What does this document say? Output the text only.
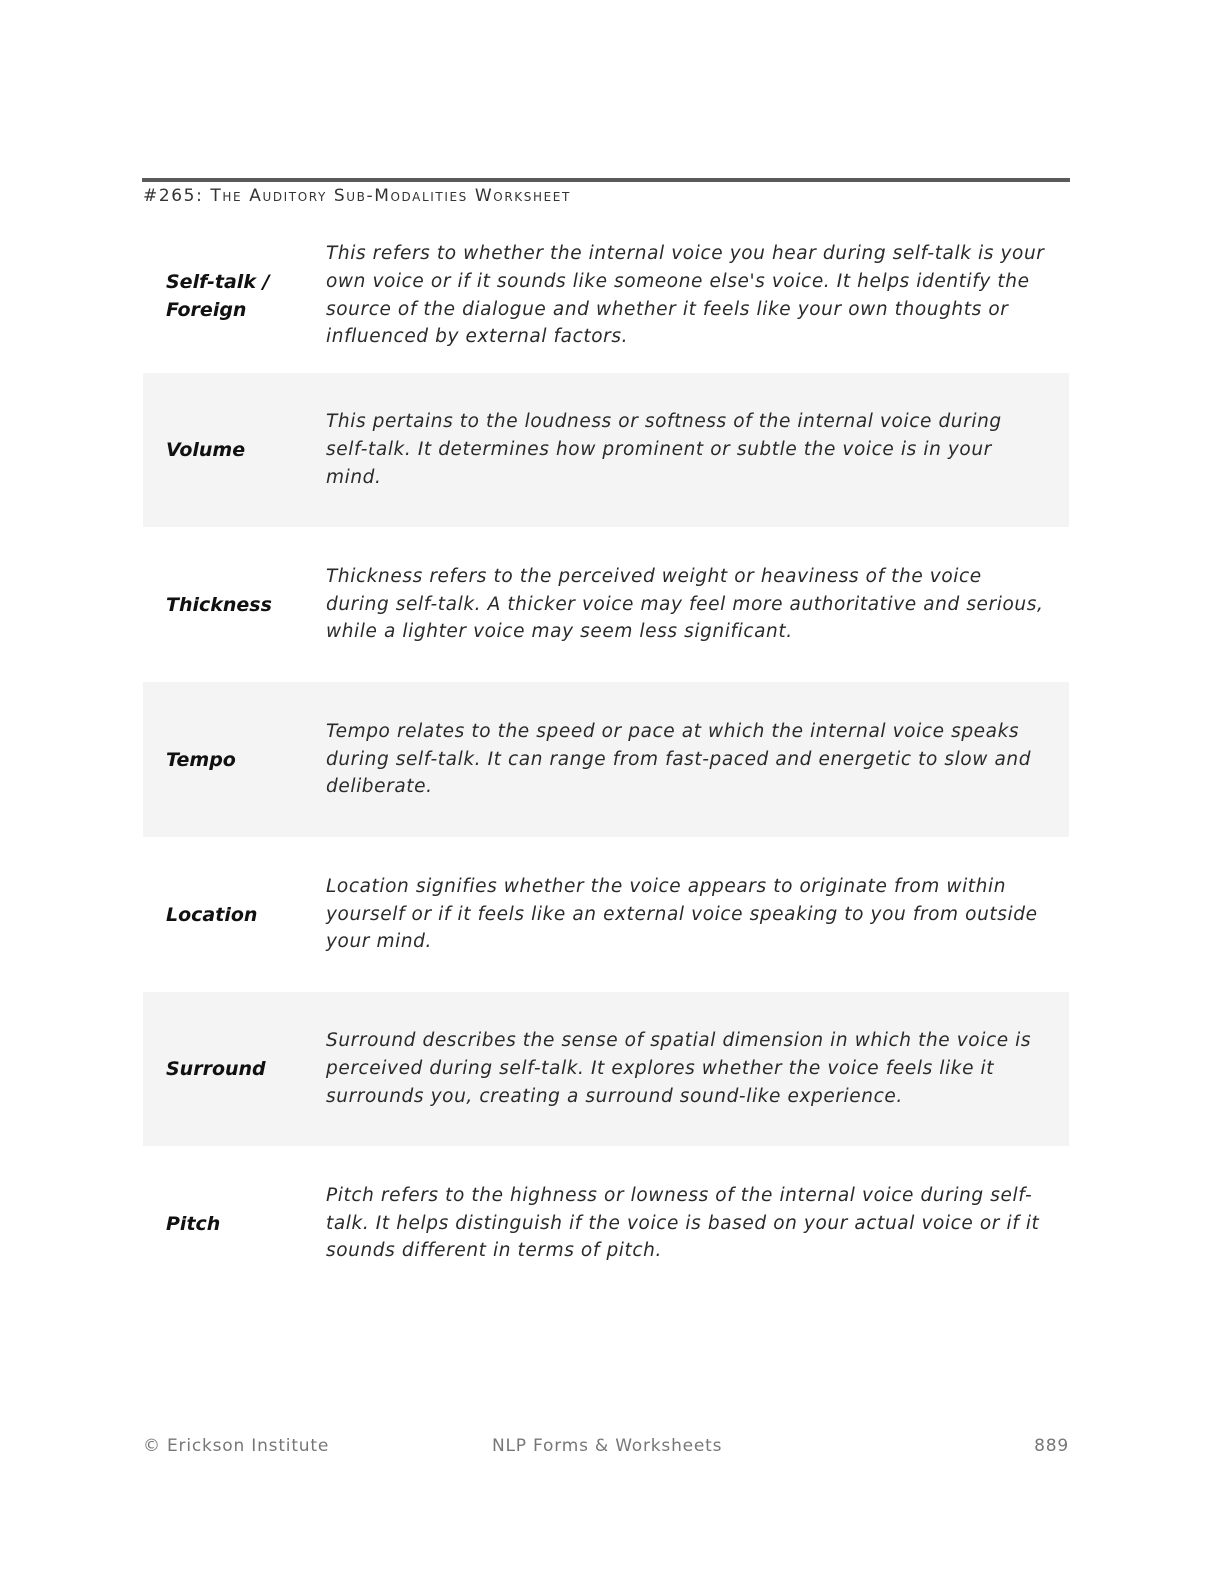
#265: The Auditory Sub-Modalities Worksheet
Self-talk / Foreign
This refers to whether the internal voice you hear during self-talk is your own voice or if it sounds like someone else's voice. It helps identify the source of the dialogue and whether it feels like your own thoughts or influenced by external factors.
Volume
This pertains to the loudness or softness of the internal voice during self-talk. It determines how prominent or subtle the voice is in your mind.
Thickness
Thickness refers to the perceived weight or heaviness of the voice during self-talk. A thicker voice may feel more authoritative and serious, while a lighter voice may seem less significant.
Tempo
Tempo relates to the speed or pace at which the internal voice speaks during self-talk. It can range from fast-paced and energetic to slow and deliberate.
Location
Location signifies whether the voice appears to originate from within yourself or if it feels like an external voice speaking to you from outside your mind.
Surround
Surround describes the sense of spatial dimension in which the voice is perceived during self-talk. It explores whether the voice feels like it surrounds you, creating a surround sound-like experience.
Pitch
Pitch refers to the highness or lowness of the internal voice during self-talk. It helps distinguish if the voice is based on your actual voice or if it sounds different in terms of pitch.
© Erickson Institute	NLP Forms & Worksheets	889
